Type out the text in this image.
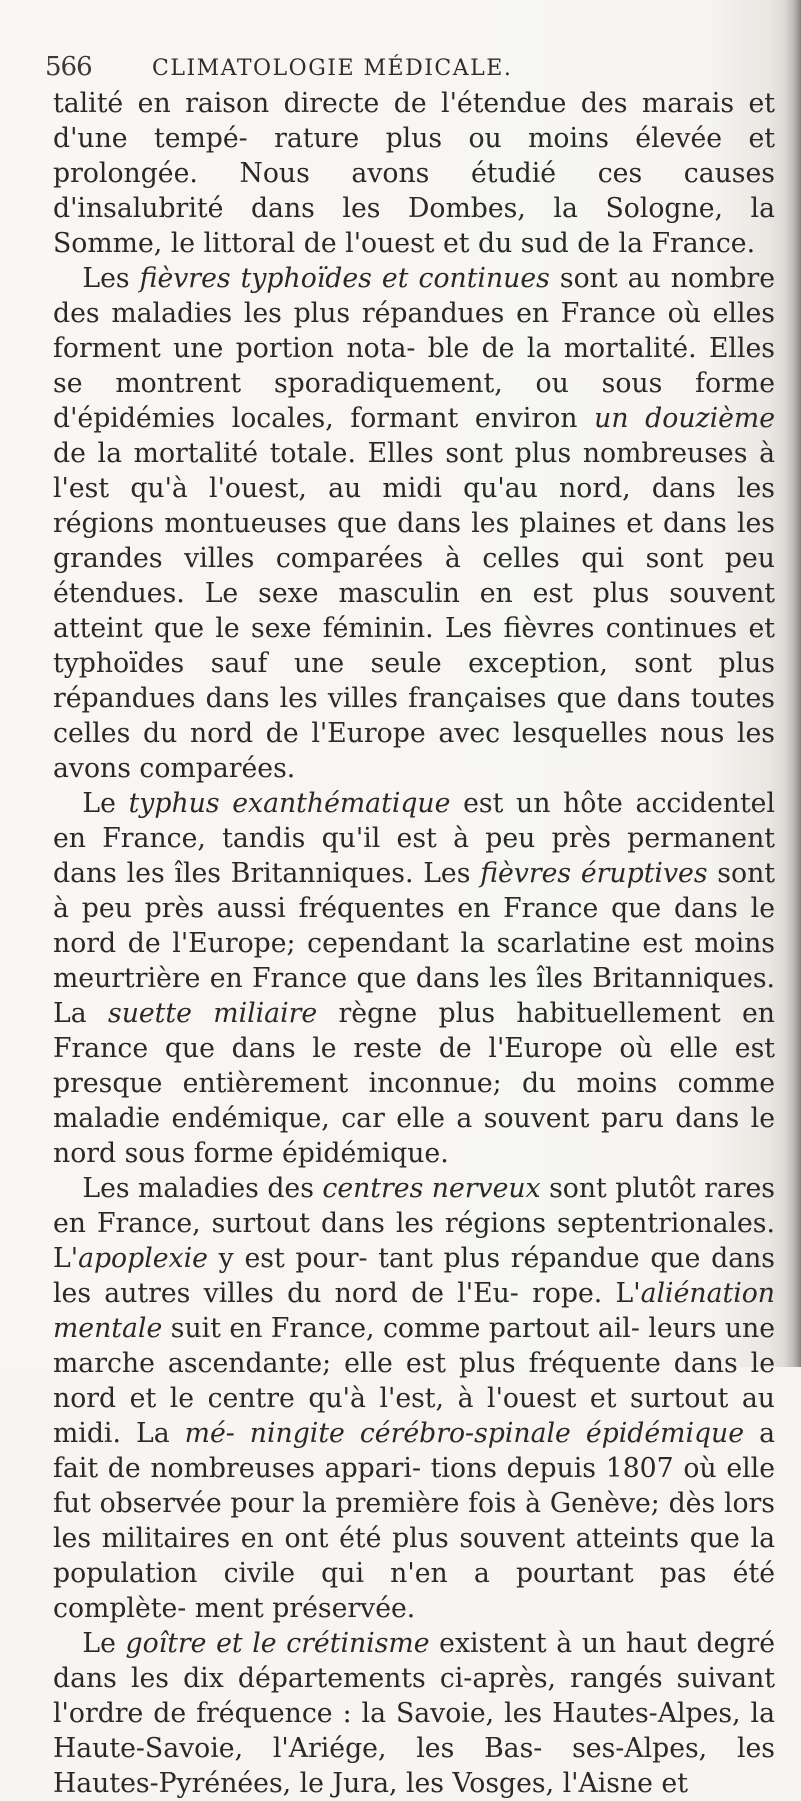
566	CLIMATOLOGIE MÉDICALE.

talité en raison directe de l'étendue des marais et d'une tempé- rature plus ou moins élevée et prolongée. Nous avons étudié ces causes d'insalubrité dans les Dombes, la Sologne, la Somme, le littoral de l'ouest et du sud de la France.

Les fièvres typhoïdes et continues sont au nombre des maladies les plus répandues en France où elles forment une portion nota- ble de la mortalité. Elles se montrent sporadiquement, ou sous forme d'épidémies locales, formant environ un douzième de la mortalité totale. Elles sont plus nombreuses à l'est qu'à l'ouest, au midi qu'au nord, dans les régions montueuses que dans les plaines et dans les grandes villes comparées à celles qui sont peu étendues. Le sexe masculin en est plus souvent atteint que le sexe féminin. Les fièvres continues et typhoïdes sauf une seule exception, sont plus répandues dans les villes françaises que dans toutes celles du nord de l'Europe avec lesquelles nous les avons comparées.

Le typhus exanthématique est un hôte accidentel en France, tandis qu'il est à peu près permanent dans les îles Britanniques. Les fièvres éruptives sont à peu près aussi fréquentes en France que dans le nord de l'Europe; cependant la scarlatine est moins meurtrière en France que dans les îles Britanniques. La suette miliaire règne plus habituellement en France que dans le reste de l'Europe où elle est presque entièrement inconnue; du moins comme maladie endémique, car elle a souvent paru dans le nord sous forme épidémique.

Les maladies des centres nerveux sont plutôt rares en France, surtout dans les régions septentrionales. L'apoplexie y est pour- tant plus répandue que dans les autres villes du nord de l'Eu- rope. L'aliénation mentale suit en France, comme partout ail- leurs une marche ascendante; elle est plus fréquente dans le nord et le centre qu'à l'est, à l'ouest et surtout au midi. La mé- ningite cérébro-spinale épidémique a fait de nombreuses appari- tions depuis 1807 où elle fut observée pour la première fois à Genève; dès lors les militaires en ont été plus souvent atteints que la population civile qui n'en a pourtant pas été complète- ment préservée.

Le goître et le crétinisme existent à un haut degré dans les dix départements ci-après, rangés suivant l'ordre de fréquence : la Savoie, les Hautes-Alpes, la Haute-Savoie, l'Ariége, les Bas- ses-Alpes, les Hautes-Pyrénées, le Jura, les Vosges, l'Aisne et
